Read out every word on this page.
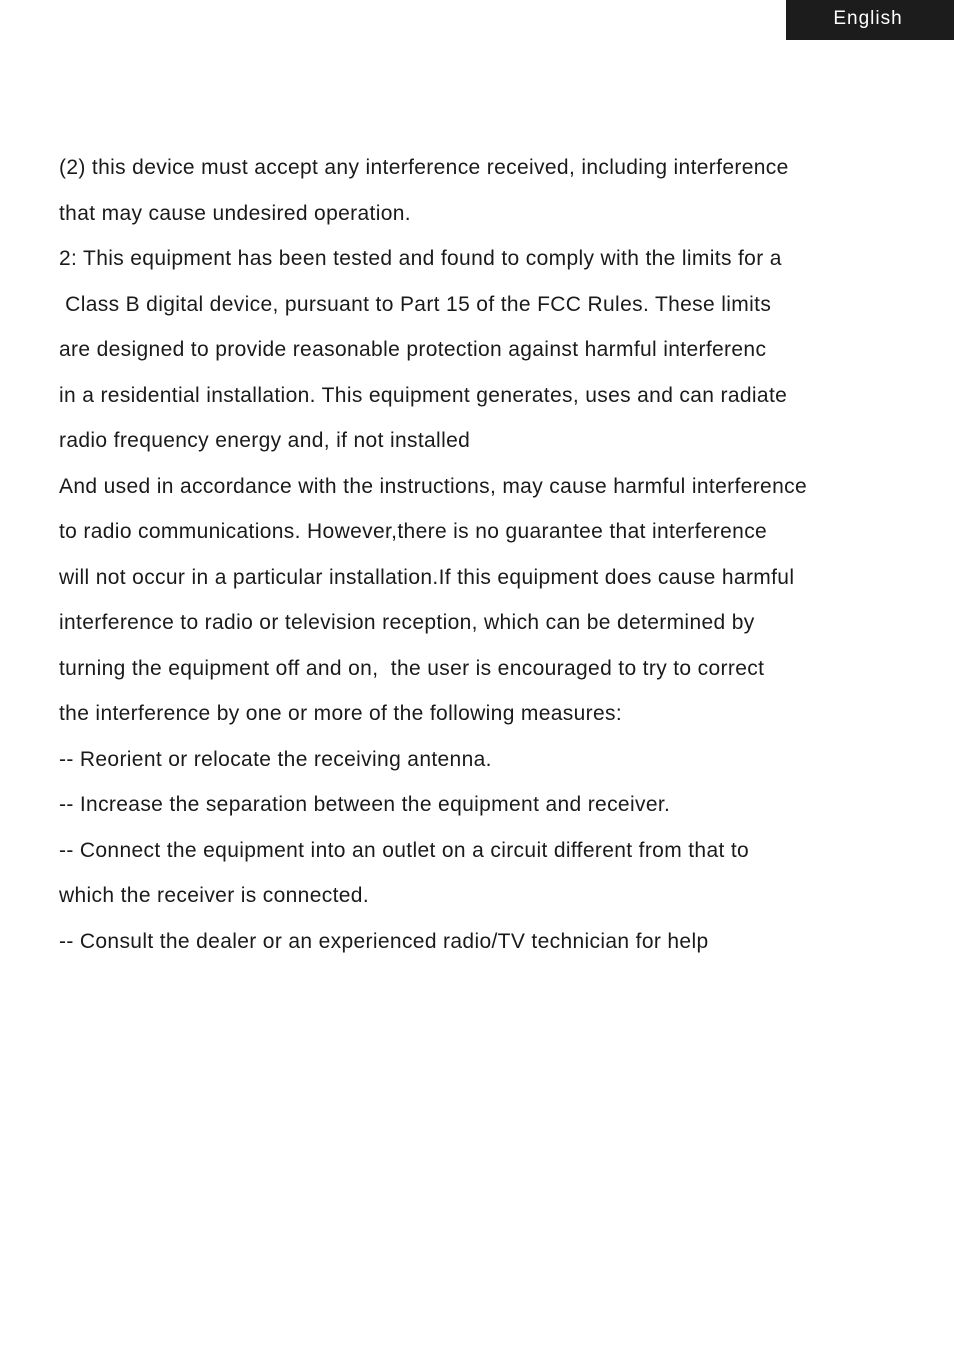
English
(2) this device must accept any interference received, including interference
that may cause undesired operation.
2: This equipment has been tested and found to comply with the limits for a
Class B digital device, pursuant to Part 15 of the FCC Rules. These limits
are designed to provide reasonable protection against harmful interferenc
in a residential installation. This equipment generates, uses and can radiate
radio frequency energy and, if not installed
And used in accordance with the instructions, may cause harmful interference
to radio communications. However,there is no guarantee that interference
will not occur in a particular installation.If this equipment does cause harmful
interference to radio or television reception, which can be determined by
turning the equipment off and on,  the user is encouraged to try to correct
the interference by one or more of the following measures:
-- Reorient or relocate the receiving antenna.
-- Increase the separation between the equipment and receiver.
-- Connect the equipment into an outlet on a circuit different from that to
which the receiver is connected.
-- Consult the dealer or an experienced radio/TV technician for help
